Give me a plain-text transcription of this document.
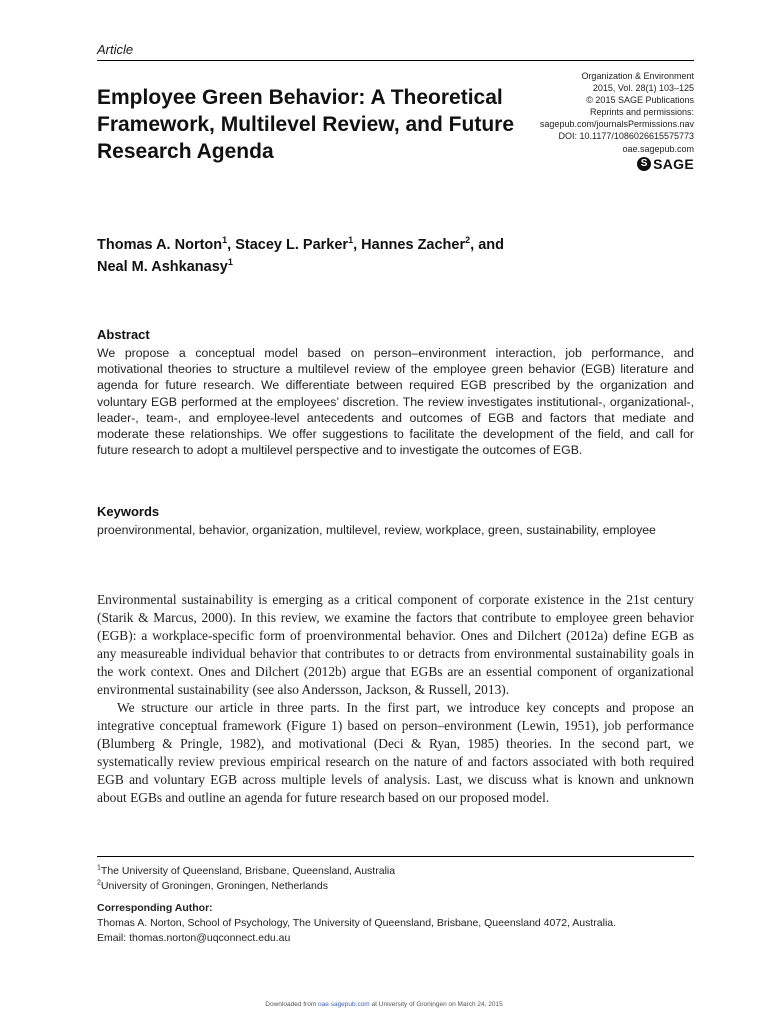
Article
Employee Green Behavior: A Theoretical Framework, Multilevel Review, and Future Research Agenda
Organization & Environment
2015, Vol. 28(1) 103–125
© 2015 SAGE Publications
Reprints and permissions:
sagepub.com/journalsPermissions.nav
DOI: 10.1177/1086026615575773
oae.sagepub.com
S SAGE
Thomas A. Norton$^1$, Stacey L. Parker$^1$, Hannes Zacher$^2$, and
Neal M. Ashkanasy$^1$
Abstract

We propose a conceptual model based on person–environment interaction, job performance, and motivational theories to structure a multilevel review of the employee green behavior (EGB) literature and agenda for future research. We differentiate between required EGB prescribed by the organization and voluntary EGB performed at the employees’ discretion. The review investigates institutional-, organizational-, leader-, team-, and employee-level antecedents and outcomes of EGB and factors that mediate and moderate these relationships. We offer suggestions to facilitate the development of the field, and call for future research to adopt a multilevel perspective and to investigate the outcomes of EGB.

Keywords

proenvironmental, behavior, organization, multilevel, review, workplace, green, sustainability, employee

Environmental sustainability is emerging as a critical component of corporate existence in the 21st century (Starik & Marcus, 2000). In this review, we examine the factors that contribute to employee green behavior (EGB): a workplace-specific form of proenvironmental behavior. Ones and Dilchert (2012a) define EGB as any measureable individual behavior that contributes to or detracts from environmental sustainability goals in the work context. Ones and Dilchert (2012b) argue that EGBs are an essential component of organizational environmental sustainability (see also Andersson, Jackson, & Russell, 2013).

We structure our article in three parts. In the first part, we introduce key concepts and propose an integrative conceptual framework (Figure 1) based on person–environment (Lewin, 1951), job performance (Blumberg & Pringle, 1982), and motivational (Deci & Ryan, 1985) theories. In the second part, we systematically review previous empirical research on the nature of and factors associated with both required EGB and voluntary EGB across multiple levels of analysis. Last, we discuss what is known and unknown about EGBs and outline an agenda for future research based on our proposed model.

$^1$The University of Queensland, Brisbane, Queensland, Australia
$^2$University of Groningen, Groningen, Netherlands
Corresponding Author:
Thomas A. Norton, School of Psychology, The University of Queensland, Brisbane, Queensland 4072, Australia.
Email: thomas.norton@uqconnect.edu.au
Downloaded from oae.sagepub.com at University of Groningen on March 24, 2015
